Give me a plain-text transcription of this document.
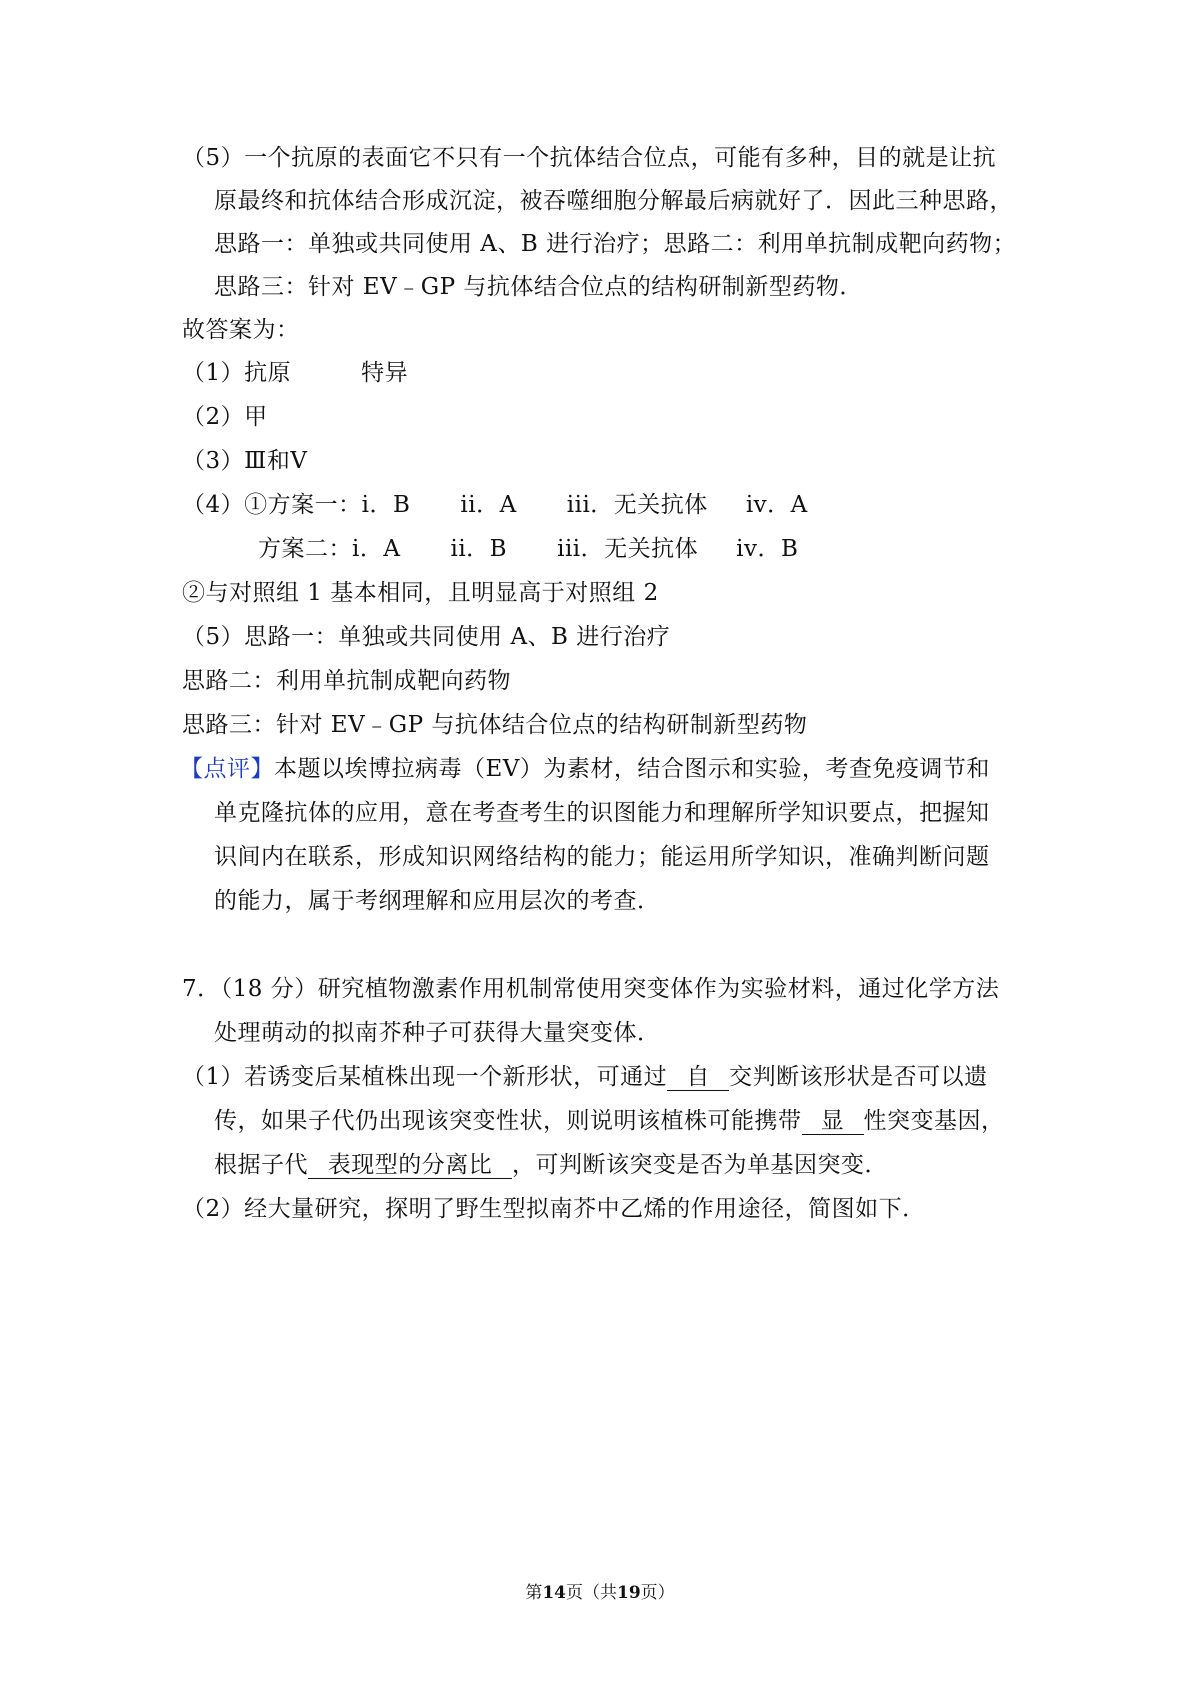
（5）一个抗原的表面它不只有一个抗体结合位点，可能有多种，目的就是让抗
原最终和抗体结合形成沉淀，被吞噬细胞分解最后病就好了．因此三种思路，
思路一：单独或共同使用 A、B 进行治疗；思路二：利用单抗制成靶向药物；
思路三：针对 EV﹣GP 与抗体结合位点的结构研制新型药物．
故答案为：
（1）抗原	特异
（2）甲
（3）Ⅲ和Ⅴ
（4）①方案一：i．B ii．A iii．无关抗体 iv．A
方案二：i．A ii．B iii．无关抗体 iv．B
②与对照组 1 基本相同，且明显高于对照组 2
（5）思路一：单独或共同使用 A、B 进行治疗
思路二：利用单抗制成靶向药物
思路三：针对 EV﹣GP 与抗体结合位点的结构研制新型药物
【点评】本题以埃博拉病毒（EV）为素材，结合图示和实验，考查免疫调节和
单克隆抗体的应用，意在考查考生的识图能力和理解所学知识要点，把握知
识间内在联系，形成知识网络结构的能力；能运用所学知识，准确判断问题
的能力，属于考纲理解和应用层次的考查．
7．（18 分）研究植物激素作用机制常使用突变体作为实验材料，通过化学方法
处理萌动的拟南芥种子可获得大量突变体．
（1）若诱变后某植株出现一个新形状，可通过 自 交判断该形状是否可以遗
传，如果子代仍出现该突变性状，则说明该植株可能携带 显 性突变基因，
根据子代 表现型的分离比 ，可判断该突变是否为单基因突变．
（2）经大量研究，探明了野生型拟南芥中乙烯的作用途径，简图如下．
第14页（共19页）
